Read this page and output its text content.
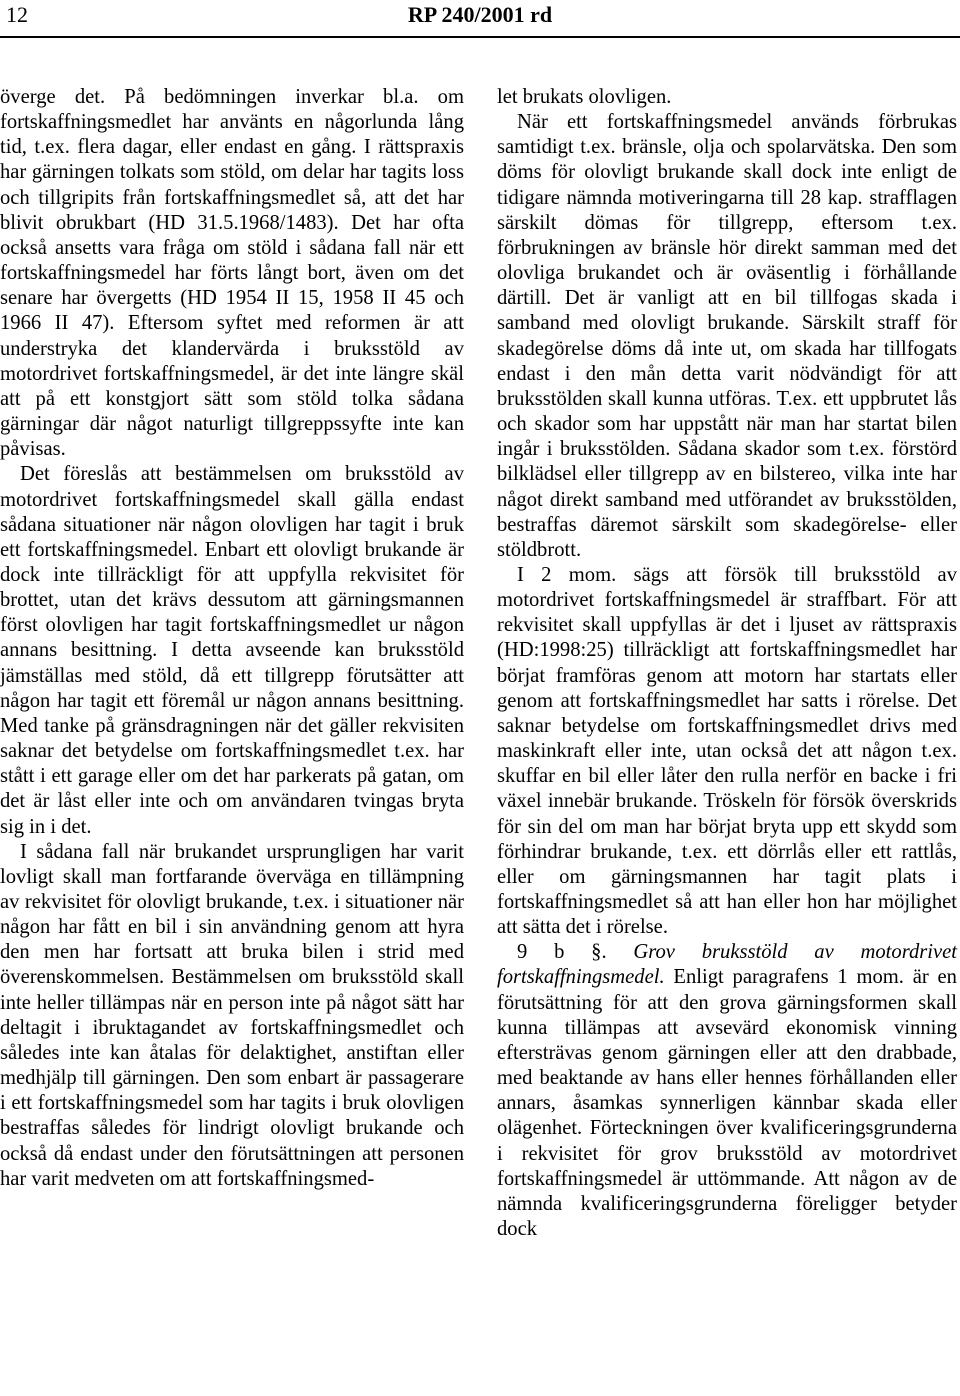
12	RP 240/2001 rd

överge det. På bedömningen inverkar bl.a. om fortskaffningsmedlet har använts en någorlunda lång tid, t.ex. flera dagar, eller endast en gång. I rättspraxis har gärningen tolkats som stöld, om delar har tagits loss och tillgripits från fortskaffningsmedlet så, att det har blivit obrukbart (HD 31.5.1968/1483). Det har ofta också ansetts vara fråga om stöld i sådana fall när ett fortskaffningsmedel har förts långt bort, även om det senare har övergetts (HD 1954 II 15, 1958 II 45 och 1966 II 47). Eftersom syftet med reformen är att understryka det klandervärda i bruksstöld av motordrivet fortskaffningsmedel, är det inte längre skäl att på ett konstgjort sätt som stöld tolka sådana gärningar där något naturligt tillgreppssyfte inte kan påvisas.

Det föreslås att bestämmelsen om bruksstöld av motordrivet fortskaffningsmedel skall gälla endast sådana situationer när någon olovligen har tagit i bruk ett fortskaffningsmedel. Enbart ett olovligt brukande är dock inte tillräckligt för att uppfylla rekvisitet för brottet, utan det krävs dessutom att gärningsmannen först olovligen har tagit fortskaffningsmedlet ur någon annans besittning. I detta avseende kan bruksstöld jämställas med stöld, då ett tillgrepp förutsätter att någon har tagit ett föremål ur någon annans besittning. Med tanke på gränsdragningen när det gäller rekvisiten saknar det betydelse om fortskaffningsmedlet t.ex. har stått i ett garage eller om det har parkerats på gatan, om det är låst eller inte och om användaren tvingas bryta sig in i det.

I sådana fall när brukandet ursprungligen har varit lovligt skall man fortfarande överväga en tillämpning av rekvisitet för olovligt brukande, t.ex. i situationer när någon har fått en bil i sin användning genom att hyra den men har fortsatt att bruka bilen i strid med överenskommelsen. Bestämmelsen om bruksstöld skall inte heller tillämpas när en person inte på något sätt har deltagit i ibruktagandet av fortskaffningsmedlet och således inte kan åtalas för delaktighet, anstiftan eller medhjälp till gärningen. Den som enbart är passagerare i ett fortskaffningsmedel som har tagits i bruk olovligen bestraffas således för lindrigt olovligt brukande och också då endast under den förutsättningen att personen har varit medveten om att fortskaffningsmed-

let brukats olovligen.

När ett fortskaffningsmedel används förbrukas samtidigt t.ex. bränsle, olja och spolarvätska. Den som döms för olovligt brukande skall dock inte enligt de tidigare nämnda motiveringarna till 28 kap. strafflagen särskilt dömas för tillgrepp, eftersom t.ex. förbrukningen av bränsle hör direkt samman med det olovliga brukandet och är oväsentlig i förhållande därtill. Det är vanligt att en bil tillfogas skada i samband med olovligt brukande. Särskilt straff för skadegörelse döms då inte ut, om skada har tillfogats endast i den mån detta varit nödvändigt för att bruksstölden skall kunna utföras. T.ex. ett uppbrutet lås och skador som har uppstått när man har startat bilen ingår i bruksstölden. Sådana skador som t.ex. förstörd bilklädsel eller tillgrepp av en bilstereo, vilka inte har något direkt samband med utförandet av bruksstölden, bestraffas däremot särskilt som skadegörelse- eller stöldbrott.

I 2 mom. sägs att försök till bruksstöld av motordrivet fortskaffningsmedel är straffbart. För att rekvisitet skall uppfyllas är det i ljuset av rättspraxis (HD:1998:25) tillräckligt att fortskaffningsmedlet har börjat framföras genom att motorn har startats eller genom att fortskaffningsmedlet har satts i rörelse. Det saknar betydelse om fortskaffningsmedlet drivs med maskinkraft eller inte, utan också det att någon t.ex. skuffar en bil eller låter den rulla nerför en backe i fri växel innebär brukande. Tröskeln för försök överskrids för sin del om man har börjat bryta upp ett skydd som förhindrar brukande, t.ex. ett dörrlås eller ett rattlås, eller om gärningsmannen har tagit plats i fortskaffningsmedlet så att han eller hon har möjlighet att sätta det i rörelse.

9 b §. Grov bruksstöld av motordrivet fortskaffningsmedel. Enligt paragrafens 1 mom. är en förutsättning för att den grova gärningsformen skall kunna tillämpas att avsevärd ekonomisk vinning eftersträvas genom gärningen eller att den drabbade, med beaktande av hans eller hennes förhållanden eller annars, åsamkas synnerligen kännbar skada eller olägenhet. Förteckningen över kvalificeringsgrunderna i rekvisitet för grov bruksstöld av motordrivet fortskaffningsmedel är uttömmande. Att någon av de nämnda kvalificeringsgrunderna föreligger betyder dock
